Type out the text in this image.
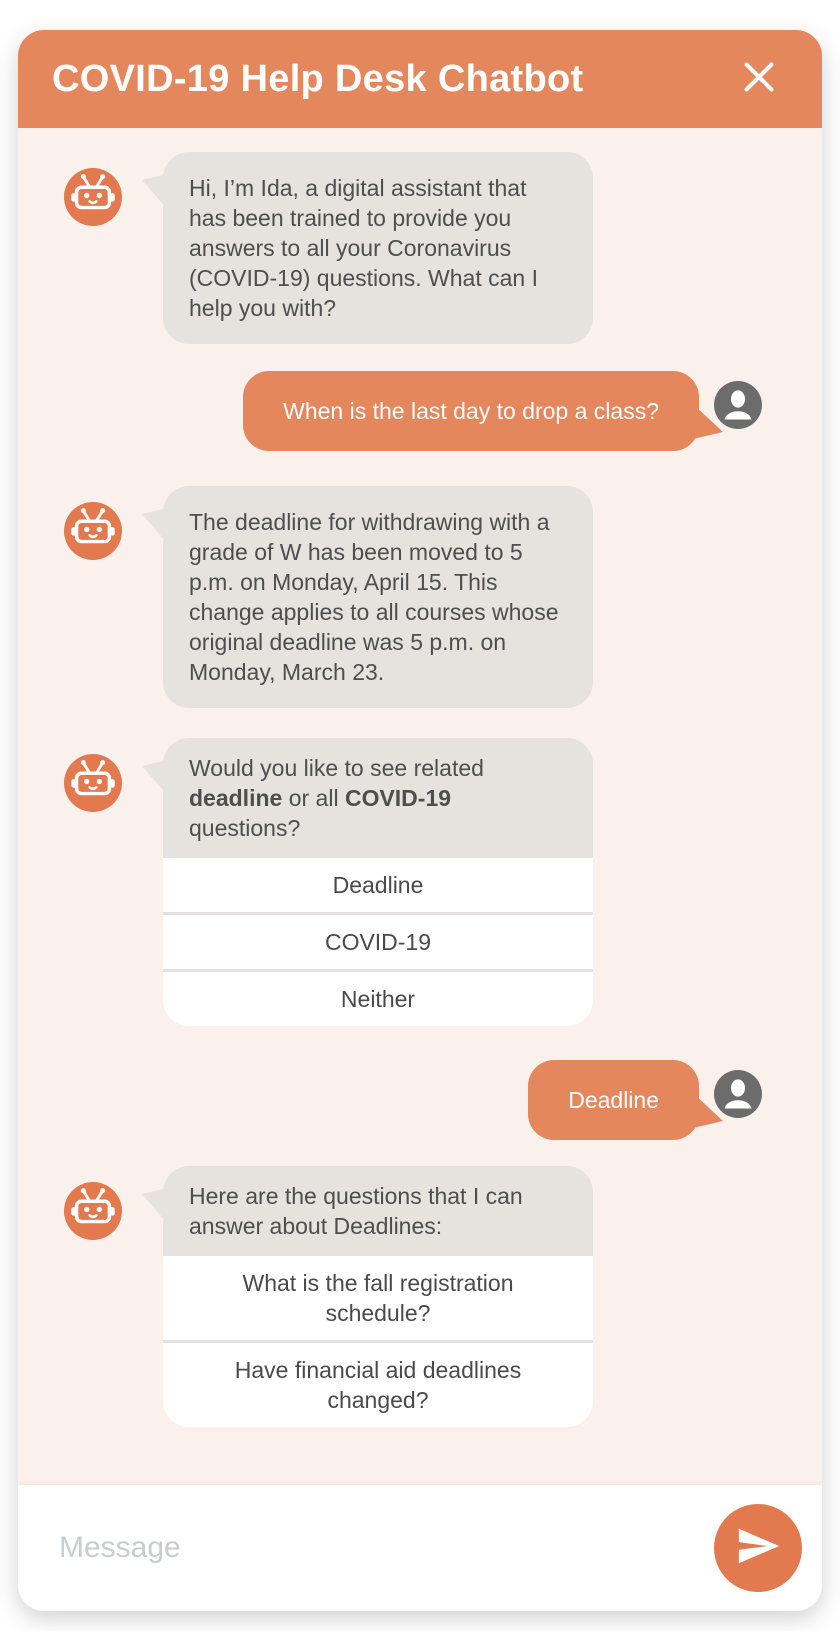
COVID-19 Help Desk Chatbot
Hi, I’m Ida, a digital assistant that has been trained to provide you answers to all your Coronavirus (COVID-19) questions. What can I help you with?
When is the last day to drop a class?
The deadline for withdrawing with a grade of W has been moved to 5 p.m. on Monday, April 15. This change applies to all courses whose original deadline was 5 p.m. on Monday, March 23.
Would you like to see related deadline or all COVID-19 questions?
Deadline
COVID-19
Neither
Deadline
Here are the questions that I can answer about Deadlines:
What is the fall registration schedule?
Have financial aid deadlines changed?
Message
